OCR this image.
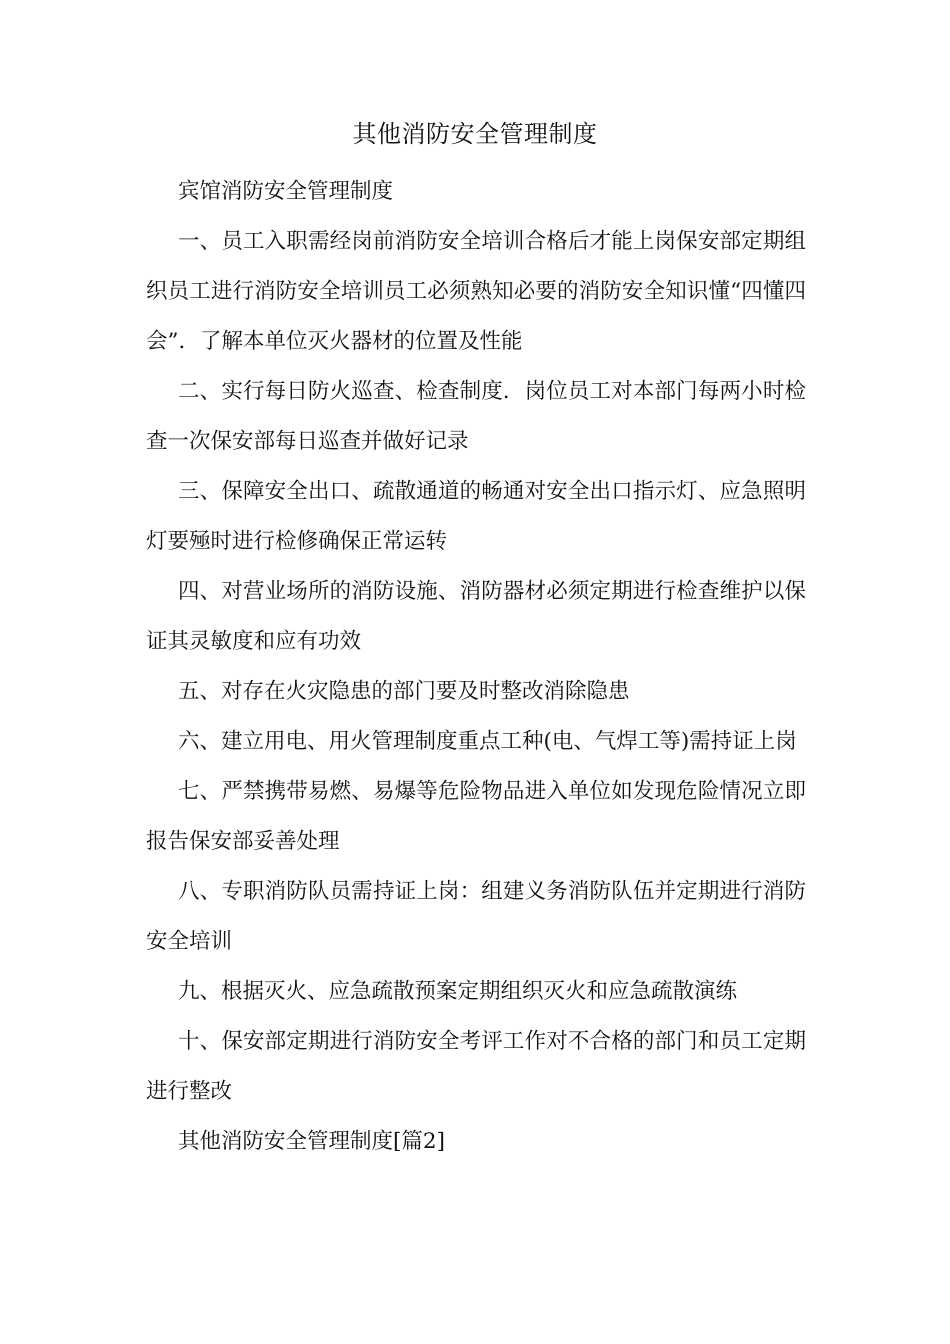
其他消防安全管理制度

宾馆消防安全管理制度

一、员工入职需经岗前消防安全培训合格后才能上岗保安部定期组织员工进行消防安全培训员工必须熟知必要的消防安全知识懂“四懂四会”．了解本单位灭火器材的位置及性能

二、实行每日防火巡查、检查制度．岗位员工对本部门每两小时检查一次保安部每日巡查并做好记录

三、保障安全出口、疏散通道的畅通对安全出口指示灯、应急照明灯要殛时进行检修确保正常运转

四、对营业场所的消防设施、消防器材必须定期进行检查维护以保证其灵敏度和应有功效

五、对存在火灾隐患的部门要及时整改消除隐患

六、建立用电、用火管理制度重点工种(电、气焊工等)需持证上岗

七、严禁携带易燃、易爆等危险物品进入单位如发现危险情况立即报告保安部妥善处理

八、专职消防队员需持证上岗：组建义务消防队伍并定期进行消防安全培训

九、根据灭火、应急疏散预案定期组织灭火和应急疏散演练

十、保安部定期进行消防安全考评工作对不合格的部门和员工定期进行整改

其他消防安全管理制度[篇2]
